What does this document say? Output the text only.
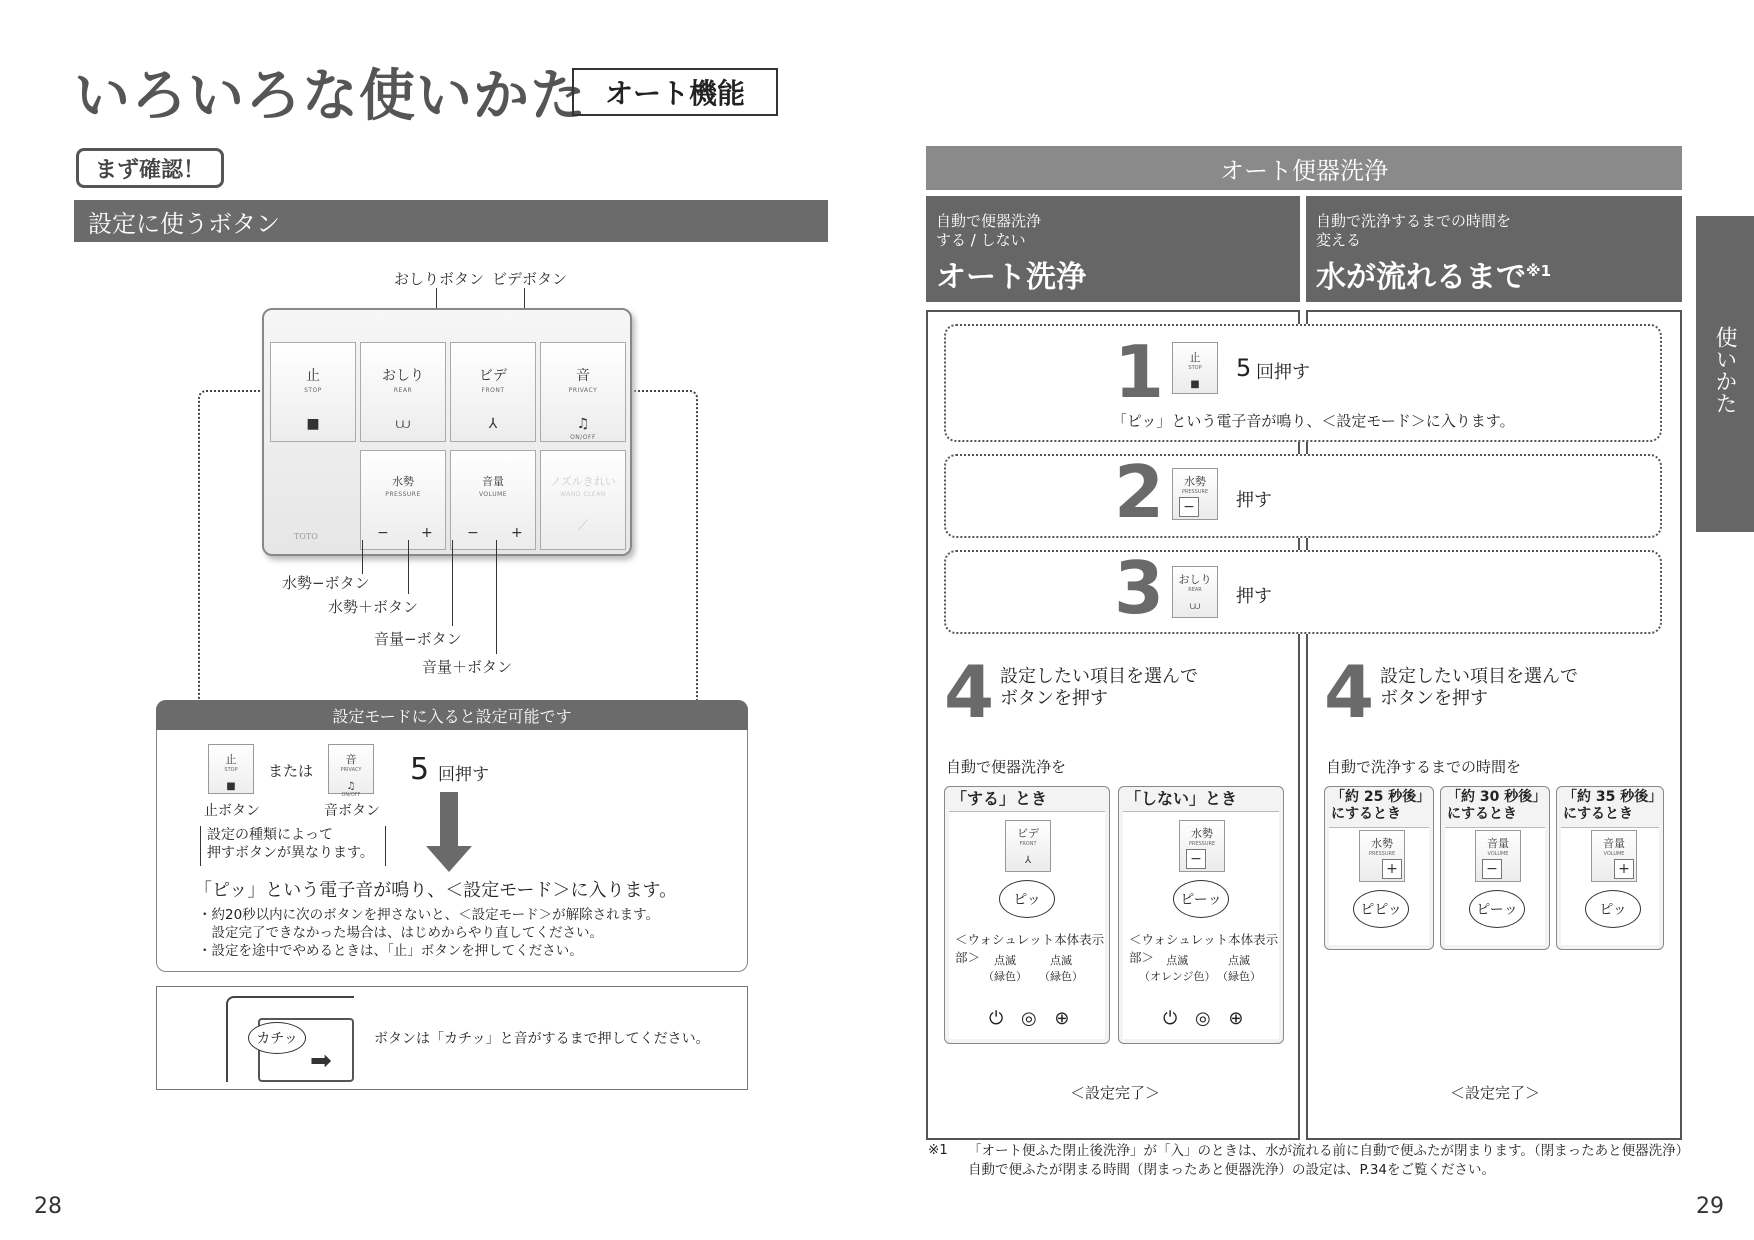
いろいろな使いかた オート機能
まず確認！
設定に使うボタン
おしりボタン ビデボタン
止
STOP
■
おしり
REAR
⩊
ビデ
FRONT
⅄
音
PRIVACY
♫
ON/OFF
TOTO
水勢
PRESSURE
− +
音量
VOLUME
− +
ノズルきれい
WAND CLEAN
⟋
水勢−ボタン
水勢＋ボタン
音量−ボタン
音量＋ボタン
設定モードに入ると設定可能です
止
STOP
■
または
音
PRIVACY
♫
ON/OFF
止ボタン	音ボタン
5 回押す
設定の種類によって
押すボタンが異なります。
「ピッ」という電子音が鳴り、＜設定モード＞に入ります。
・約20秒以内に次のボタンを押さないと、＜設定モード＞が解除されます。
　設定完了できなかった場合は、はじめからやり直してください。
・設定を途中でやめるときは、「止」ボタンを押してください。
カチッ
➡
ボタンは「カチッ」と音がするまで押してください。
28
オート便器洗浄
自動で便器洗浄
する / しない
オート洗浄
自動で洗浄するまでの時間を
変える
水が流れるまで$^{※1}$
1 止
STOP
■
5 回押す
「ピッ」という電子音が鳴り、＜設定モード＞に入ります。
2 水勢
PRESSURE
− 押す
3 おしり
REAR
⩊ 押す
4 設定したい項目を選んで
ボタンを押す
自動で便器洗浄を
「する」とき
ビデ
FRONT
⅄
ピッ
＜ウォシュレット本体表示部＞	点滅
（緑色）
点滅
（緑色）
⏻ ◎ ⊕
「しない」とき
水勢
PRESSURE
−
ピーッ
＜ウォシュレット本体表示部＞	点滅
（オレンジ色）
点滅
（緑色）
⏻ ◎ ⊕
＜設定完了＞
4 設定したい項目を選んで
ボタンを押す
自動で洗浄するまでの時間を
「約 25 秒後」
にするとき
水勢
PRESSURE
+
ピピッ
「約 30 秒後」
にするとき
音量
VOLUME
−
ピーッ
「約 35 秒後」
にするとき
音量
VOLUME
+
ピッ
＜設定完了＞
使いかた
※1 「オート便ふた閉止後洗浄」が「入」のときは、水が流れる前に自動で便ふたが閉まります。（閉まったあと便器洗浄）
自動で便ふたが閉まる時間（閉まったあと便器洗浄）の設定は、P.34をご覧ください。
29
